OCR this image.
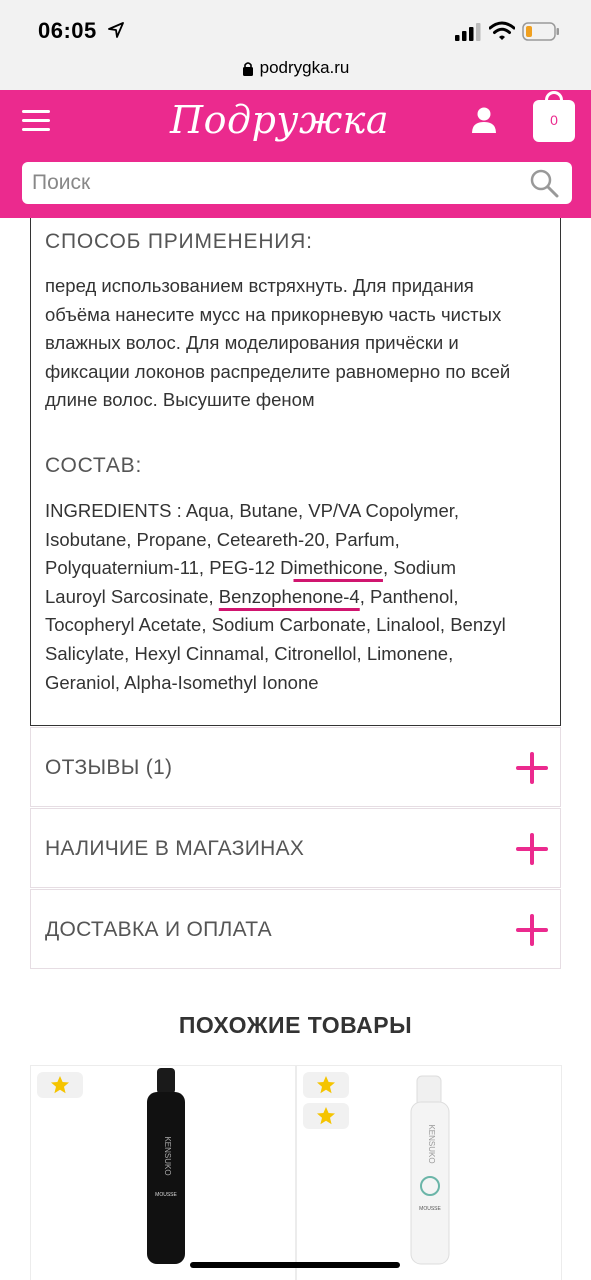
06:05
podrygka.ru
Подружка	0
Поиск
СПОСОБ ПРИМЕНЕНИЯ:
перед использованием встряхнуть. Для придания
объёма нанесите мусс на прикорневую часть чистых
влажных волос. Для моделирования причёски и
фиксации локонов распределите равномерно по всей
длине волос. Высушите феном
СОСТАВ:
INGREDIENTS : Aqua, Butane, VP/VA Copolymer,
Isobutane, Propane, Ceteareth-20, Parfum,
Polyquaternium-11, PEG-12 Dimethicone, Sodium
Lauroyl Sarcosinate, Benzophenone-4, Panthenol,
Tocopheryl Acetate, Sodium Carbonate, Linalool, Benzyl
Salicylate, Hexyl Cinnamal, Citronellol, Limonene,
Geraniol, Alpha-Isomethyl Ionone
ОТЗЫВЫ (1)
НАЛИЧИЕ В МАГАЗИНАХ
ДОСТАВКА И ОПЛАТА
ПОХОЖИЕ ТОВАРЫ
KENSUKO
MOUSSE
KENSUKO
MOUSSE
